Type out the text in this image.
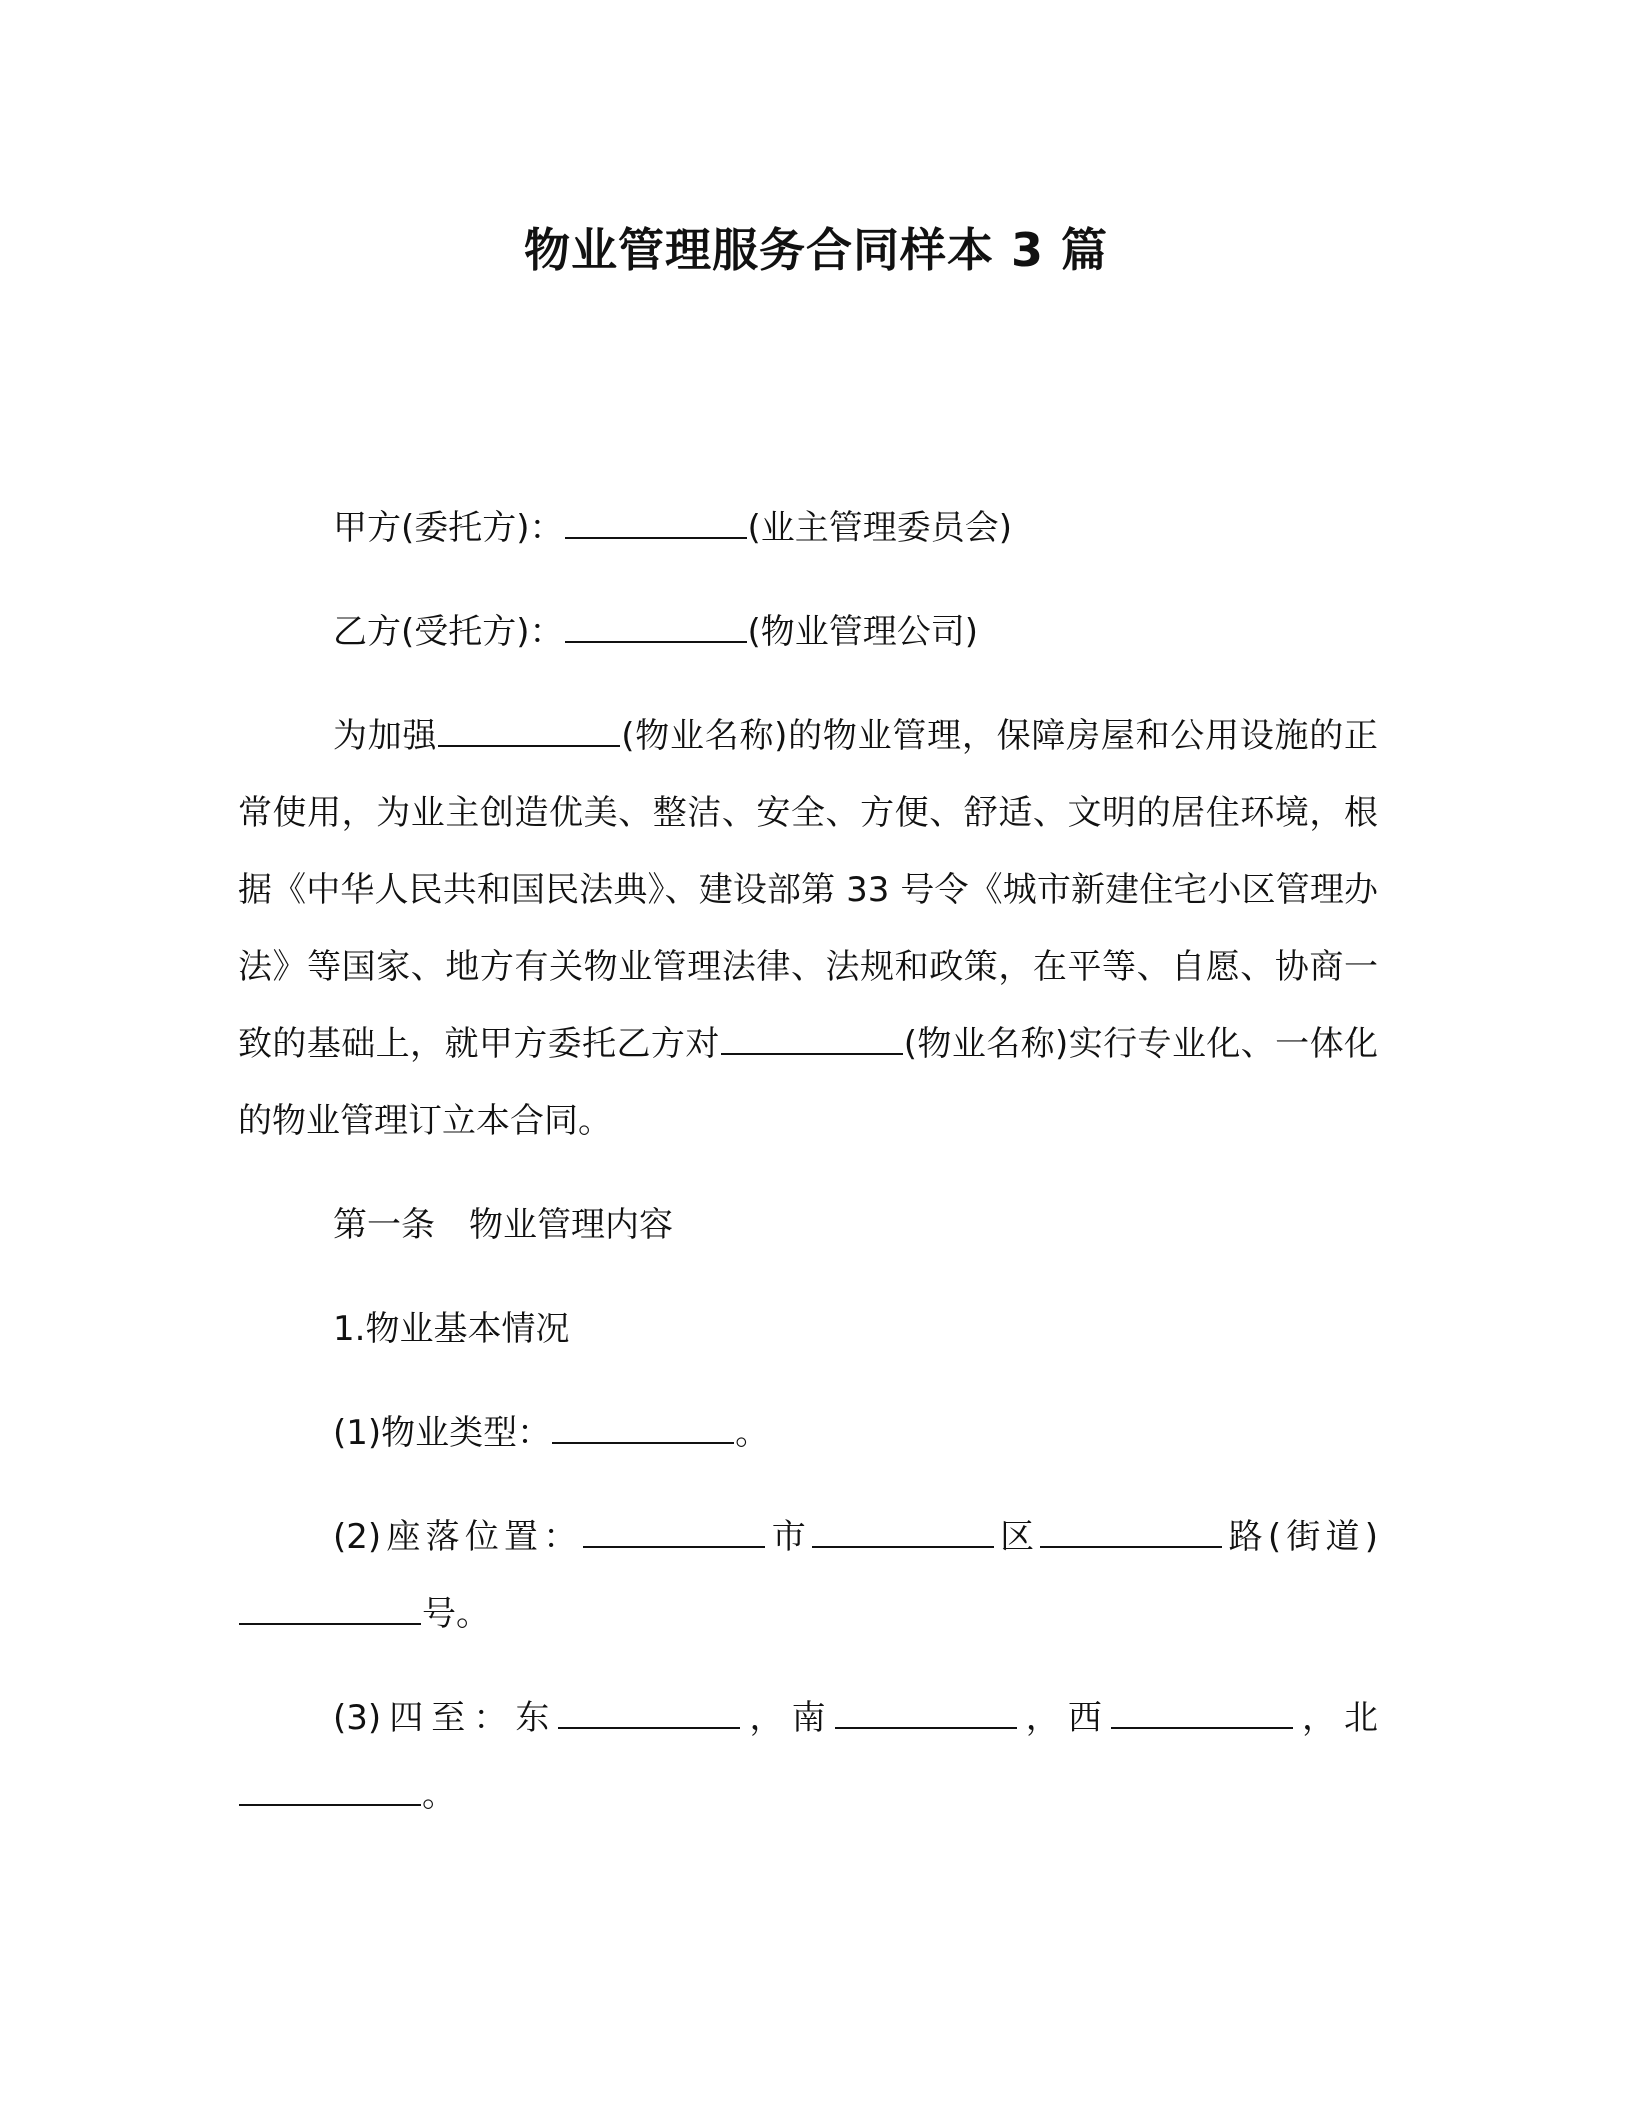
物业管理服务合同样本 3 篇

甲方(委托方)：	(业主管理委员会)

乙方(受托方)：	(物业管理公司)

为加强	(物业名称)的物业管理，保障房屋和公用设施的正常使用，为业主创造优美、整洁、安全、方便、舒适、文明的居住环境，根据《中华人民共和国民法典》、建设部第 33 号令《城市新建住宅小区管理办法》等国家、地方有关物业管理法律、法规和政策，在平等、自愿、协商一致的基础上，就甲方委托乙方对	(物业名称)实行专业化、一体化的物业管理订立本合同。

第一条　物业管理内容

1.物业基本情况

(1)物业类型：	。

(2)座落位置：	市	区	路(街道)号。

(3)四至：东	，南	，西	，北。
